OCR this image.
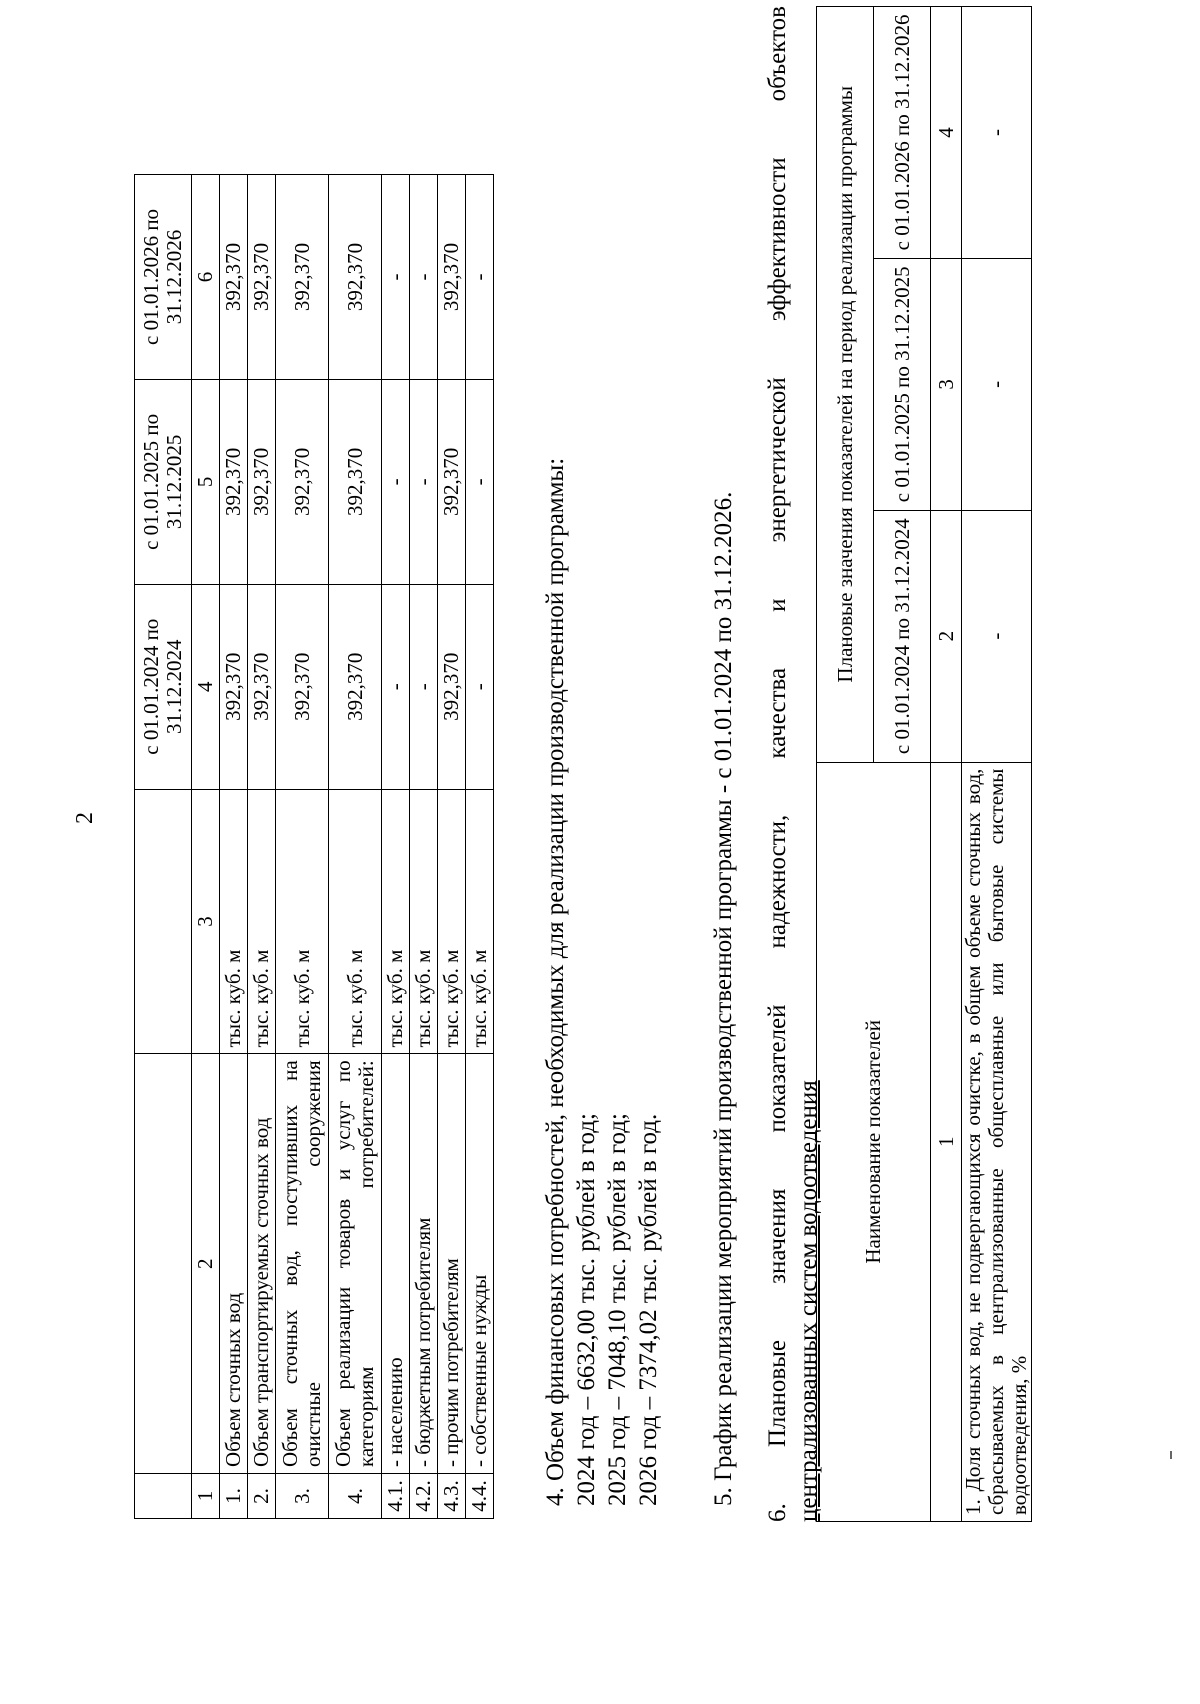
2
			с 01.01.2024 по 31.12.2024	с 01.01.2025 по 31.12.2025	с 01.01.2026 по 31.12.2026
1	2	3	4	5	6
1.	Объем сточных вод	тыс. куб. м	392,370	392,370	392,370
2.	Объем транспортируемых сточных вод	тыс. куб. м	392,370	392,370	392,370
3.	Объем сточных вод, поступивших на очистные сооружения	тыс. куб. м	392,370	392,370	392,370
4.	Объем реализации товаров и услуг по категориям потребителей:	тыс. куб. м	392,370	392,370	392,370
4.1.	- населению	тыс. куб. м	-	-	-
4.2.	- бюджетным потребителям	тыс. куб. м	-	-	-
4.3.	- прочим потребителям	тыс. куб. м	392,370	392,370	392,370
4.4.	- собственные нужды	тыс. куб. м	-	-	-
4. Объем финансовых потребностей, необходимых для реализации производственной программы: 2024 год – 6632,00 тыс. рублей в год; 2025 год – 7048,10 тыс. рублей в год; 2026 год – 7374,02 тыс. рублей в год. 5. График реализации мероприятий производственной программы - с 01.01.2024 по 31.12.2026. 6. Плановые значения показателей надежности, качества и энергетической эффективности объектов централизованных систем водоотведения Наименование показателей	Плановые значения показателей на период реализации программы		
	с 01.01.2024 по 31.12.2024	с 01.01.2025 по 31.12.2025	с 01.01.2026 по 31.12.2026
1	2	3	4
1. Доля сточных вод, не подвергающихся очистке, в общем объеме сточных вод, сбрасываемых в централизованные общесплавные или бытовые системы водоотведения, %	-	-	-
